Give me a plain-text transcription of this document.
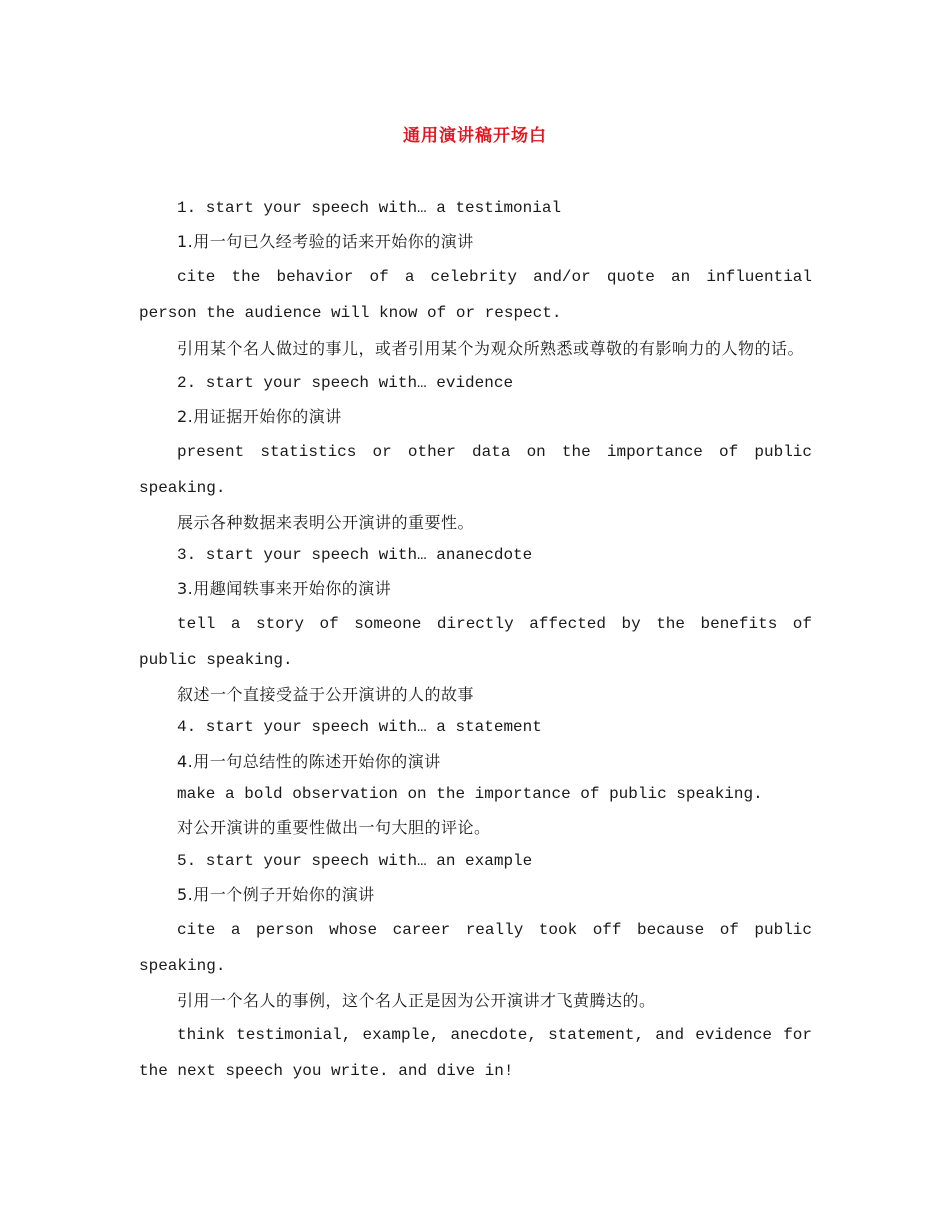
通用演讲稿开场白

1. start your speech with… a testimonial

1.用一句已久经考验的话来开始你的演讲

cite the behavior of a celebrity and/or quote an influential person the audience will know of or respect.

引用某个名人做过的事儿，或者引用某个为观众所熟悉或尊敬的有影响力的人物的话。

2. start your speech with… evidence

2.用证据开始你的演讲

present statistics or other data on the importance of public speaking.

展示各种数据来表明公开演讲的重要性。

3. start your speech with… ananecdote

3.用趣闻轶事来开始你的演讲

tell a story of someone directly affected by the benefits of public speaking.

叙述一个直接受益于公开演讲的人的故事

4. start your speech with… a statement

4.用一句总结性的陈述开始你的演讲

make a bold observation on the importance of public speaking.

对公开演讲的重要性做出一句大胆的评论。

5. start your speech with… an example

5.用一个例子开始你的演讲

cite a person whose career really took off because of public speaking.

引用一个名人的事例，这个名人正是因为公开演讲才飞黄腾达的。

think testimonial, example, anecdote, statement, and evidence for the next speech you write. and dive in!
